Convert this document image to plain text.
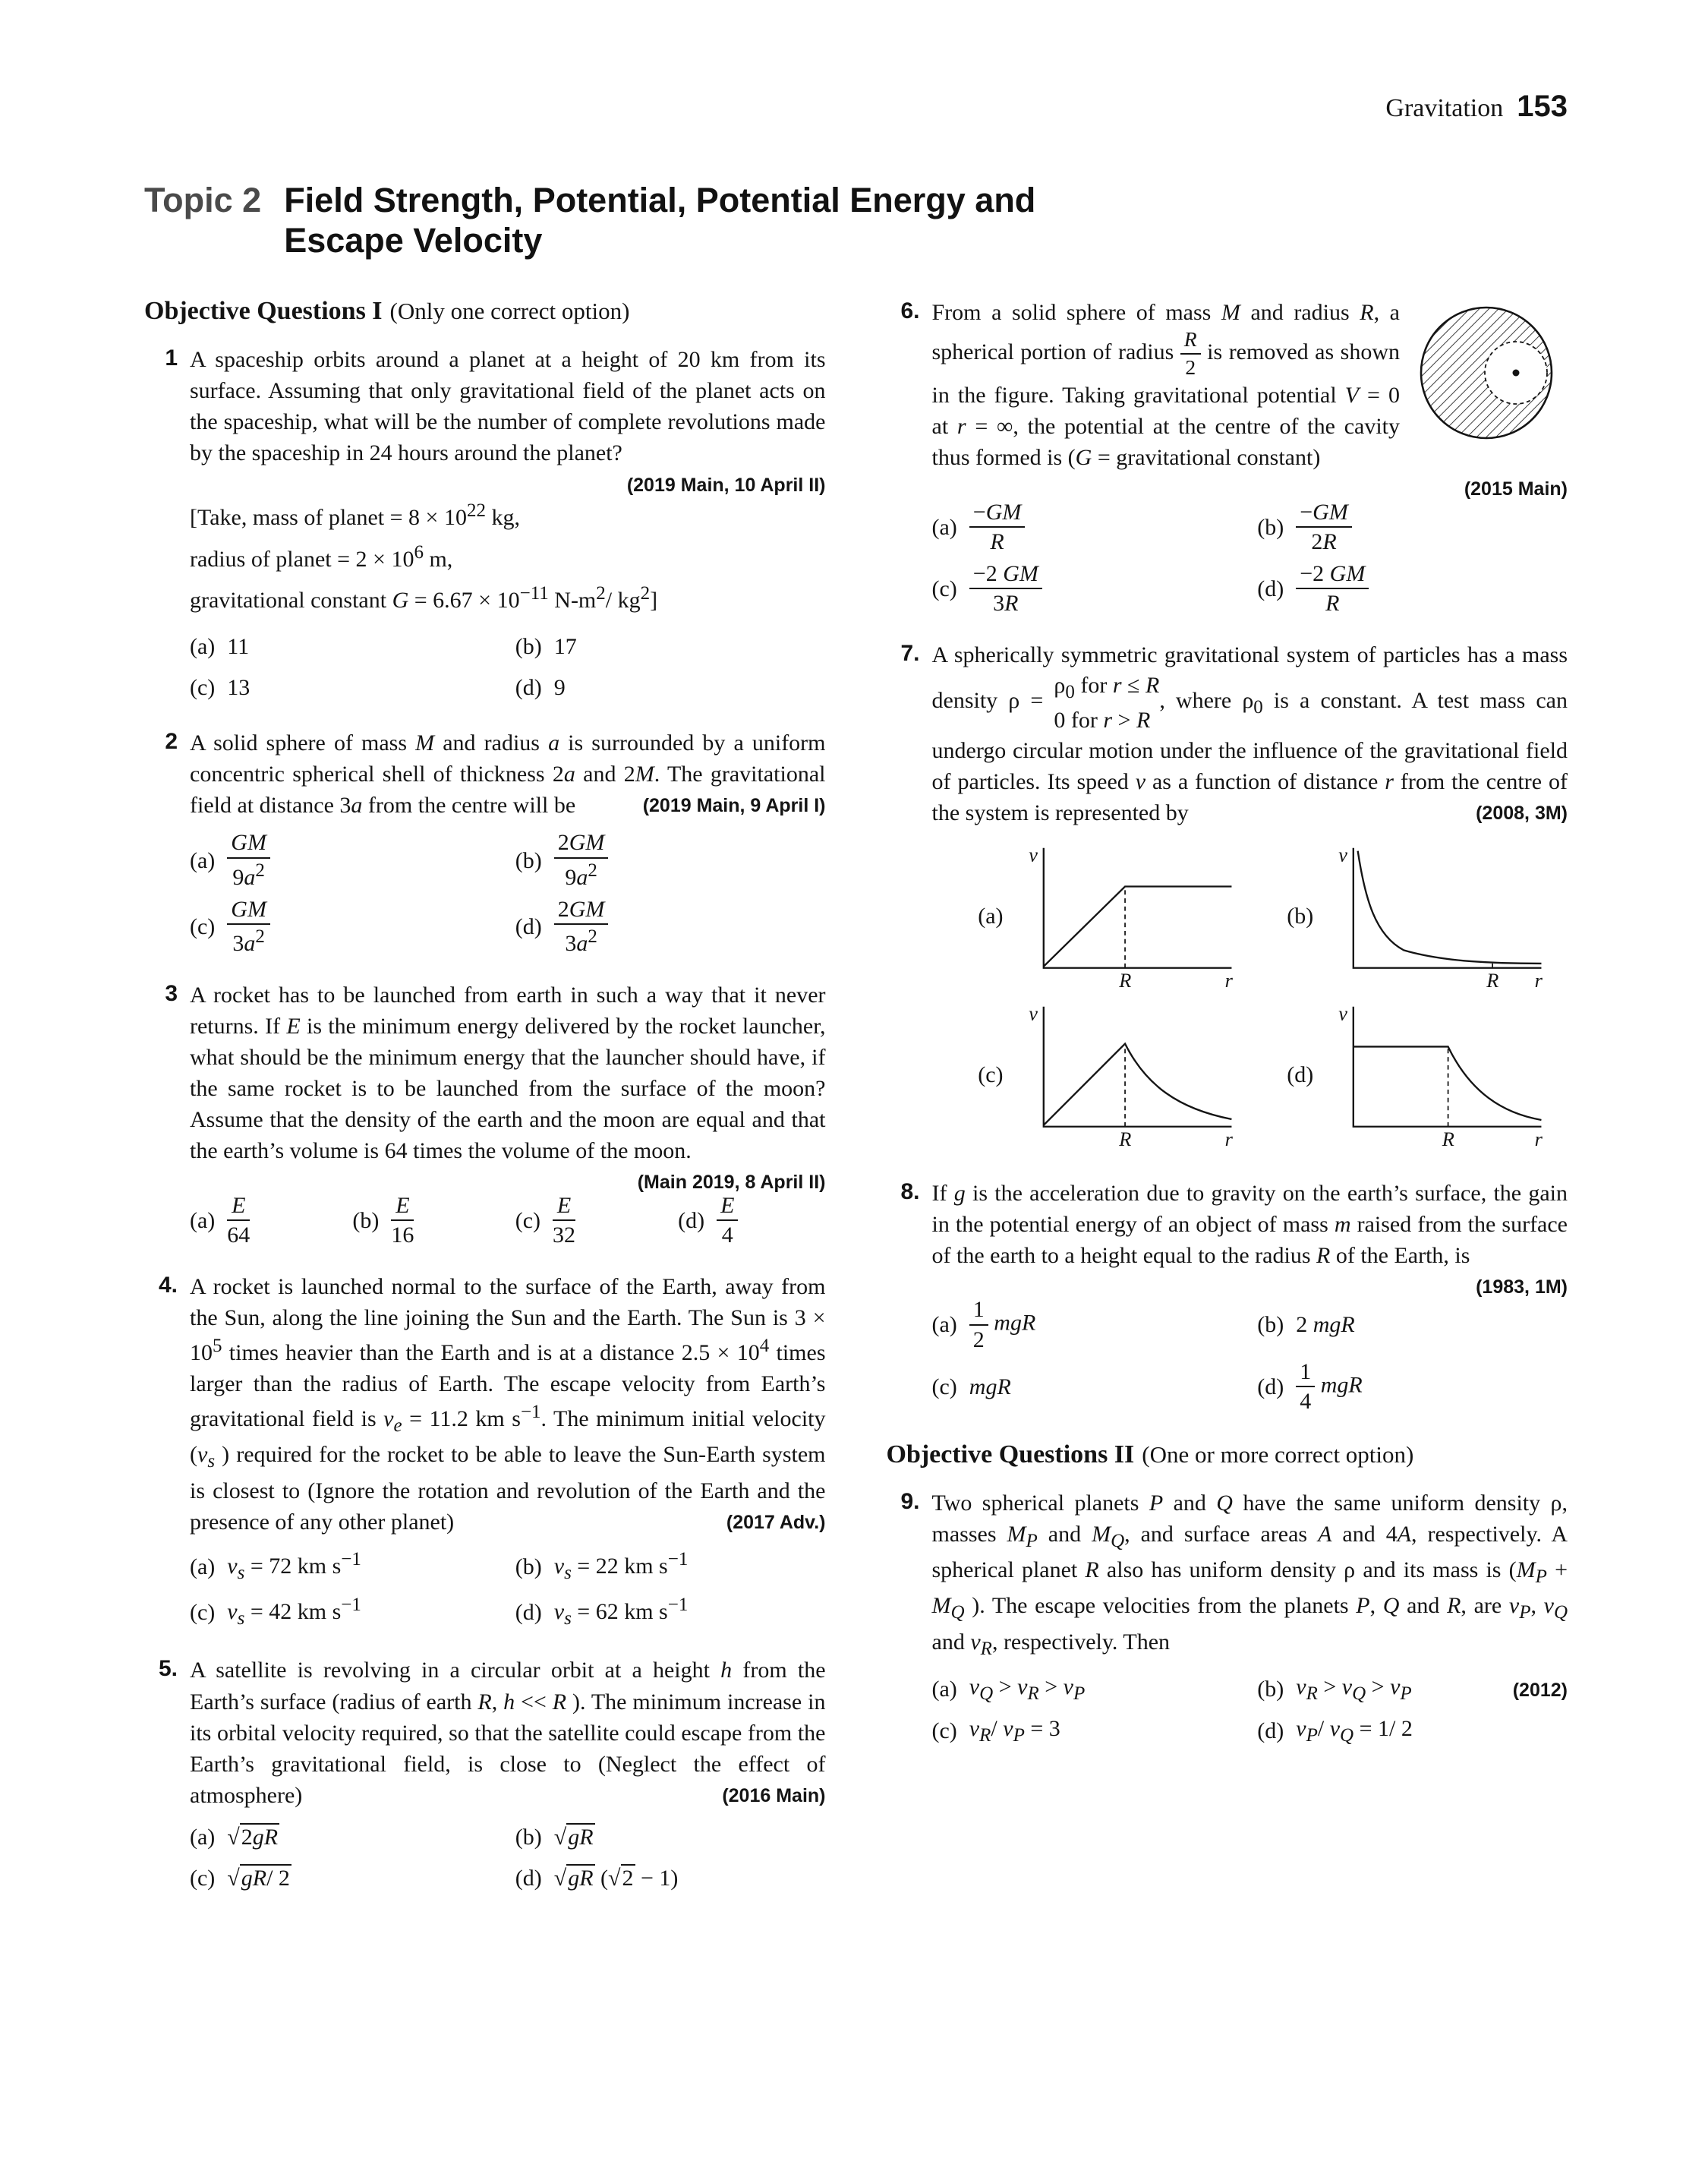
Gravitation 153
Topic 2 Field Strength, Potential, Potential Energy and
Escape Velocity
Objective Questions I (Only one correct option)
1 A spaceship orbits around a planet at a height of 20 km from its surface. Assuming that only gravitational field of the planet acts on the spaceship, what will be the number of complete revolutions made by the spaceship in 24 hours around the planet?
(2019 Main, 10 April II)
[Take, mass of planet = $8 \times 10^{22}$ kg,
radius of planet = $2 \times 10^6$ m,
gravitational constant $G = 6.67 \times 10^{-11}$ $N-m^2/$ $kg^2$]
(a) 11	(b) 17
(c) 13	(d) 9
2 A solid sphere of mass M and radius a is surrounded by a uniform concentric spherical shell of thickness 2a and 2M. The gravitational field at distance 3a from the centre will be	(2019 Main, 9 April I)
$(a) \frac{GM}{9a^2}$	$(b) \frac{2GM}{9a^2}$
$(c) \frac{GM}{3a^2}$	$(d) \frac{2GM}{3a^2}$
3 A rocket has to be launched from earth in such a way that it never returns. If E is the minimum energy delivered by the rocket launcher, what should be the minimum energy that the launcher should have, if the same rocket is to be launched from the surface of the moon? Assume that the density of the earth and the moon are equal and that the earth’s volume is 64 times the volume of the moon.
(Main 2019, 8 April II)
$(a) \frac{E}{64}$	$(b) \frac{E}{16}$	$(c) \frac{E}{32}$	$(d) \frac{E}{4}$
4. A rocket is launched normal to the surface of the Earth, away from the Sun, along the line joining the Sun and the Earth. The Sun is $3 \times 10^5$ times heavier than the Earth and is at a distance $2.5 \times 10^4$ times larger than the radius of Earth. The escape velocity from Earth’s gravitational field is $v_e = 11.2$ km $s^{-1}$. The minimum initial velocity ($v_s$ ) required for the rocket to be able to leave the Sun-Earth system is closest to (Ignore the rotation and revolution of the Earth and the presence of any other planet)	(2017 Adv.)
(a) $v_s = 72$ km $s^{-1}$	(b) $v_s = 22$ km $s^{-1}$
(c) $v_s = 42$ km $s^{-1}$	(d) $v_s = 62$ km $s^{-1}$
5. A satellite is revolving in a circular orbit at a height h from the Earth’s surface (radius of earth R, h << R ). The minimum increase in its orbital velocity required, so that the satellite could escape from the Earth’s gravitational field, is close to (Neglect the effect of atmosphere)	(2016 Main)
(a) √2gR	(b) √gR
(c) √gR/ 2	(d) √gR (√2 − 1)
6. From a solid sphere of mass M and radius R, a spherical portion of radius $\frac{R}{2}$ is removed as shown in the figure. Taking gravitational potential V = 0 at r = ∞, the potential at the centre of the cavity thus formed is (G = gravitational constant)
(2015 Main)
$(a) \frac{-GM}{R}$	$(b) \frac{-GM}{2R}$
$(c) \frac{-2 GM}{3R}$	$(d) \frac{-2 GM}{R}$
7. A spherically symmetric gravitational system of particles has a mass density ρ =
$\rho_0$ for r ≤ R
0 for r > R
, where $\rho_0$ is a constant. A test mass can undergo circular motion under the influence of the gravitational field of particles. Its speed v as a function of distance r from the centre of the system is represented by	(2008, 3M)
(a)
v
r
R
(b)
v
r
R
(c)
v
r
R
(d)
v
r
R
8. If g is the acceleration due to gravity on the earth’s surface, the gain in the potential energy of an object of mass m raised from the surface of the earth to a height equal to the radius R of the Earth, is
(1983, 1M)
$(a) \frac{1}{2}$ mgR	(b) 2 mgR
(c) mgR	$(d) \frac{1}{4}$ mgR
Objective Questions II (One or more correct option)
9. Two spherical planets P and Q have the same uniform density ρ, masses $M_P$ and $M_Q$, and surface areas A and 4A, respectively. A spherical planet R also has uniform density ρ and its mass is ($M_P + M_Q$ ). The escape velocities from the planets P, Q and R, are $v_P$, $v_Q$ and $v_R$, respectively. Then
(2012)
(a) $v_Q > v_R > v_P$	(b) $v_R > v_Q > v_P$
(c) $v_R/$ $v_P = 3$	(d) $v_P/$ $v_Q = 1/$ 2
